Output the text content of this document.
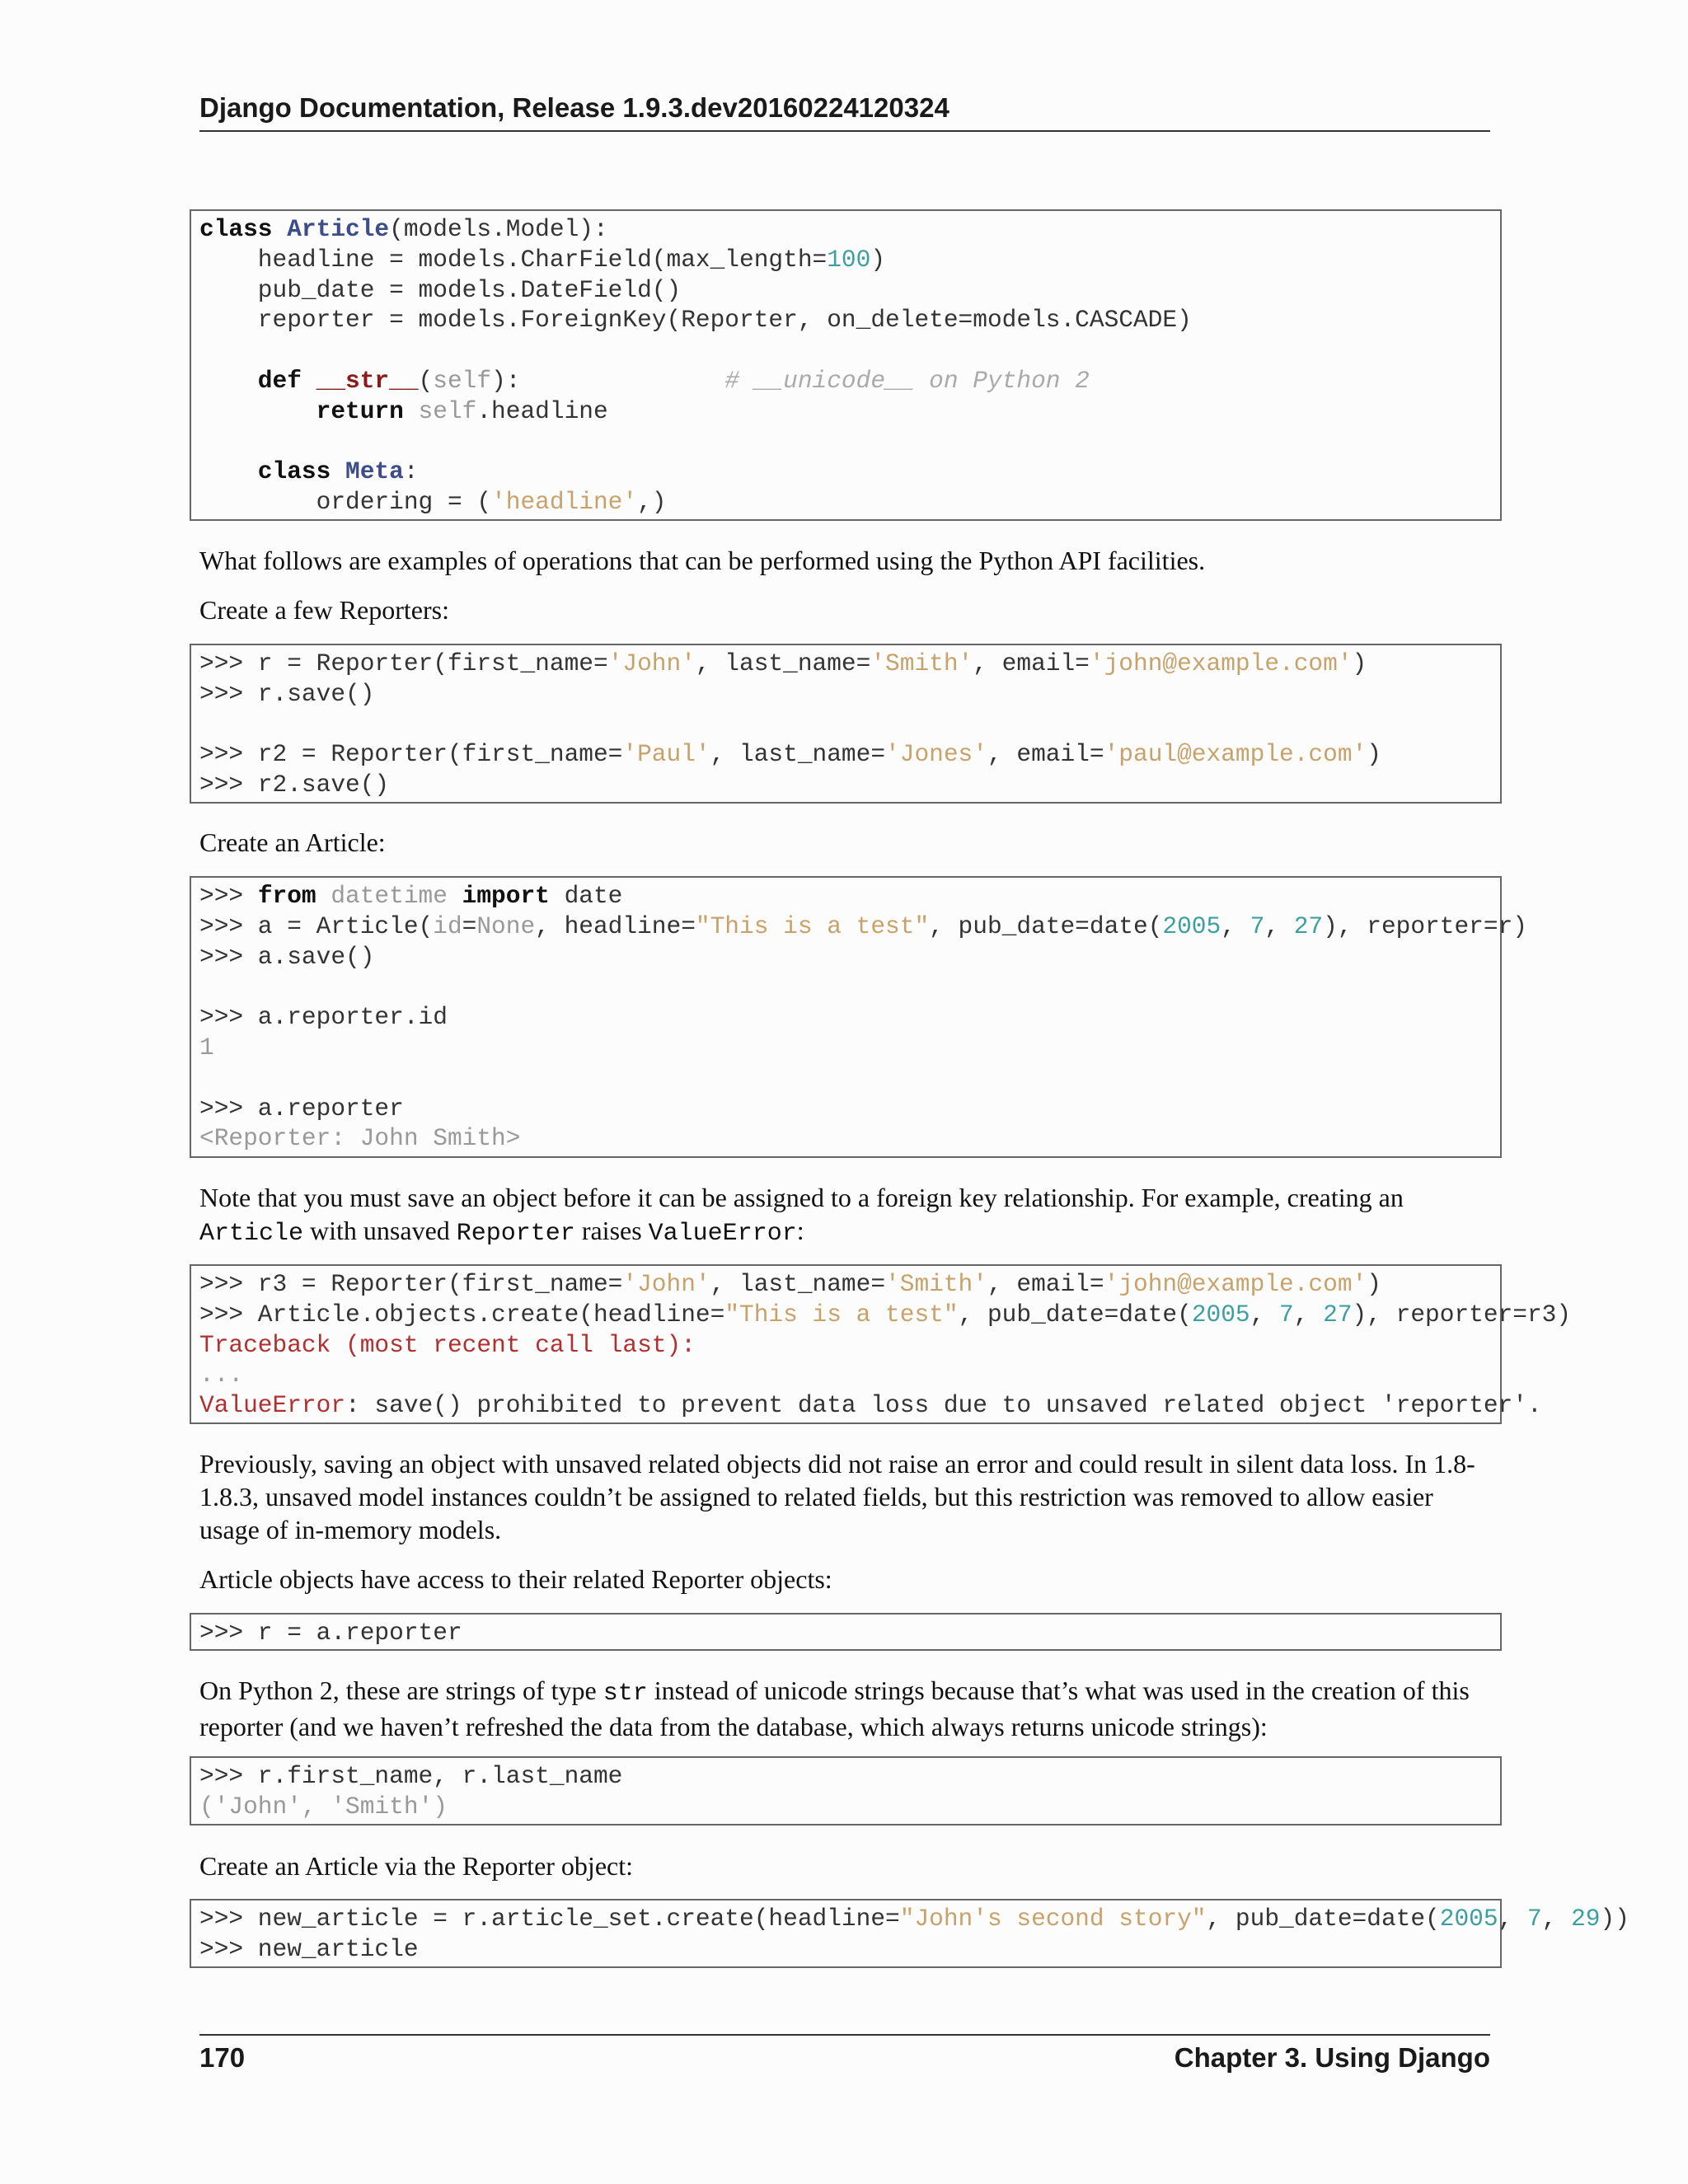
Django Documentation, Release 1.9.3.dev20160224120324
class Article(models.Model):
headline = models.CharField(max_length=100)
pub_date = models.DateField()
reporter = models.ForeignKey(Reporter, on_delete=models.CASCADE)

def __str__(self):              # __unicode__ on Python 2
return self.headline

class Meta:
ordering = ('headline',)
What follows are examples of operations that can be performed using the Python API facilities.
Create a few Reporters:
>>> r = Reporter(first_name='John', last_name='Smith', email='john@example.com')
>>> r.save()

>>> r2 = Reporter(first_name='Paul', last_name='Jones', email='paul@example.com')
>>> r2.save()
Create an Article:
>>> from datetime import date
>>> a = Article(id=None, headline="This is a test", pub_date=date(2005, 7, 27), reporter=r)
>>> a.save()

>>> a.reporter.id
1

>>> a.reporter
<Reporter: John Smith>
Note that you must save an object before it can be assigned to a foreign key relationship. For example, creating an
Article with unsaved Reporter raises ValueError:
>>> r3 = Reporter(first_name='John', last_name='Smith', email='john@example.com')
>>> Article.objects.create(headline="This is a test", pub_date=date(2005, 7, 27), reporter=r3)
Traceback (most recent call last):
...
ValueError: save() prohibited to prevent data loss due to unsaved related object 'reporter'.
Previously, saving an object with unsaved related objects did not raise an error and could result in silent data loss. In 1.8-1.8.3, unsaved model instances couldn’t be assigned to related fields, but this restriction was removed to allow easier usage of in-memory models.
Article objects have access to their related Reporter objects:
>>> r = a.reporter
On Python 2, these are strings of type str instead of unicode strings because that’s what was used in the creation of this reporter (and we haven’t refreshed the data from the database, which always returns unicode strings):
>>> r.first_name, r.last_name
('John', 'Smith')
Create an Article via the Reporter object:
>>> new_article = r.article_set.create(headline="John's second story", pub_date=date(2005, 7, 29))
>>> new_article
170	Chapter 3. Using Django
